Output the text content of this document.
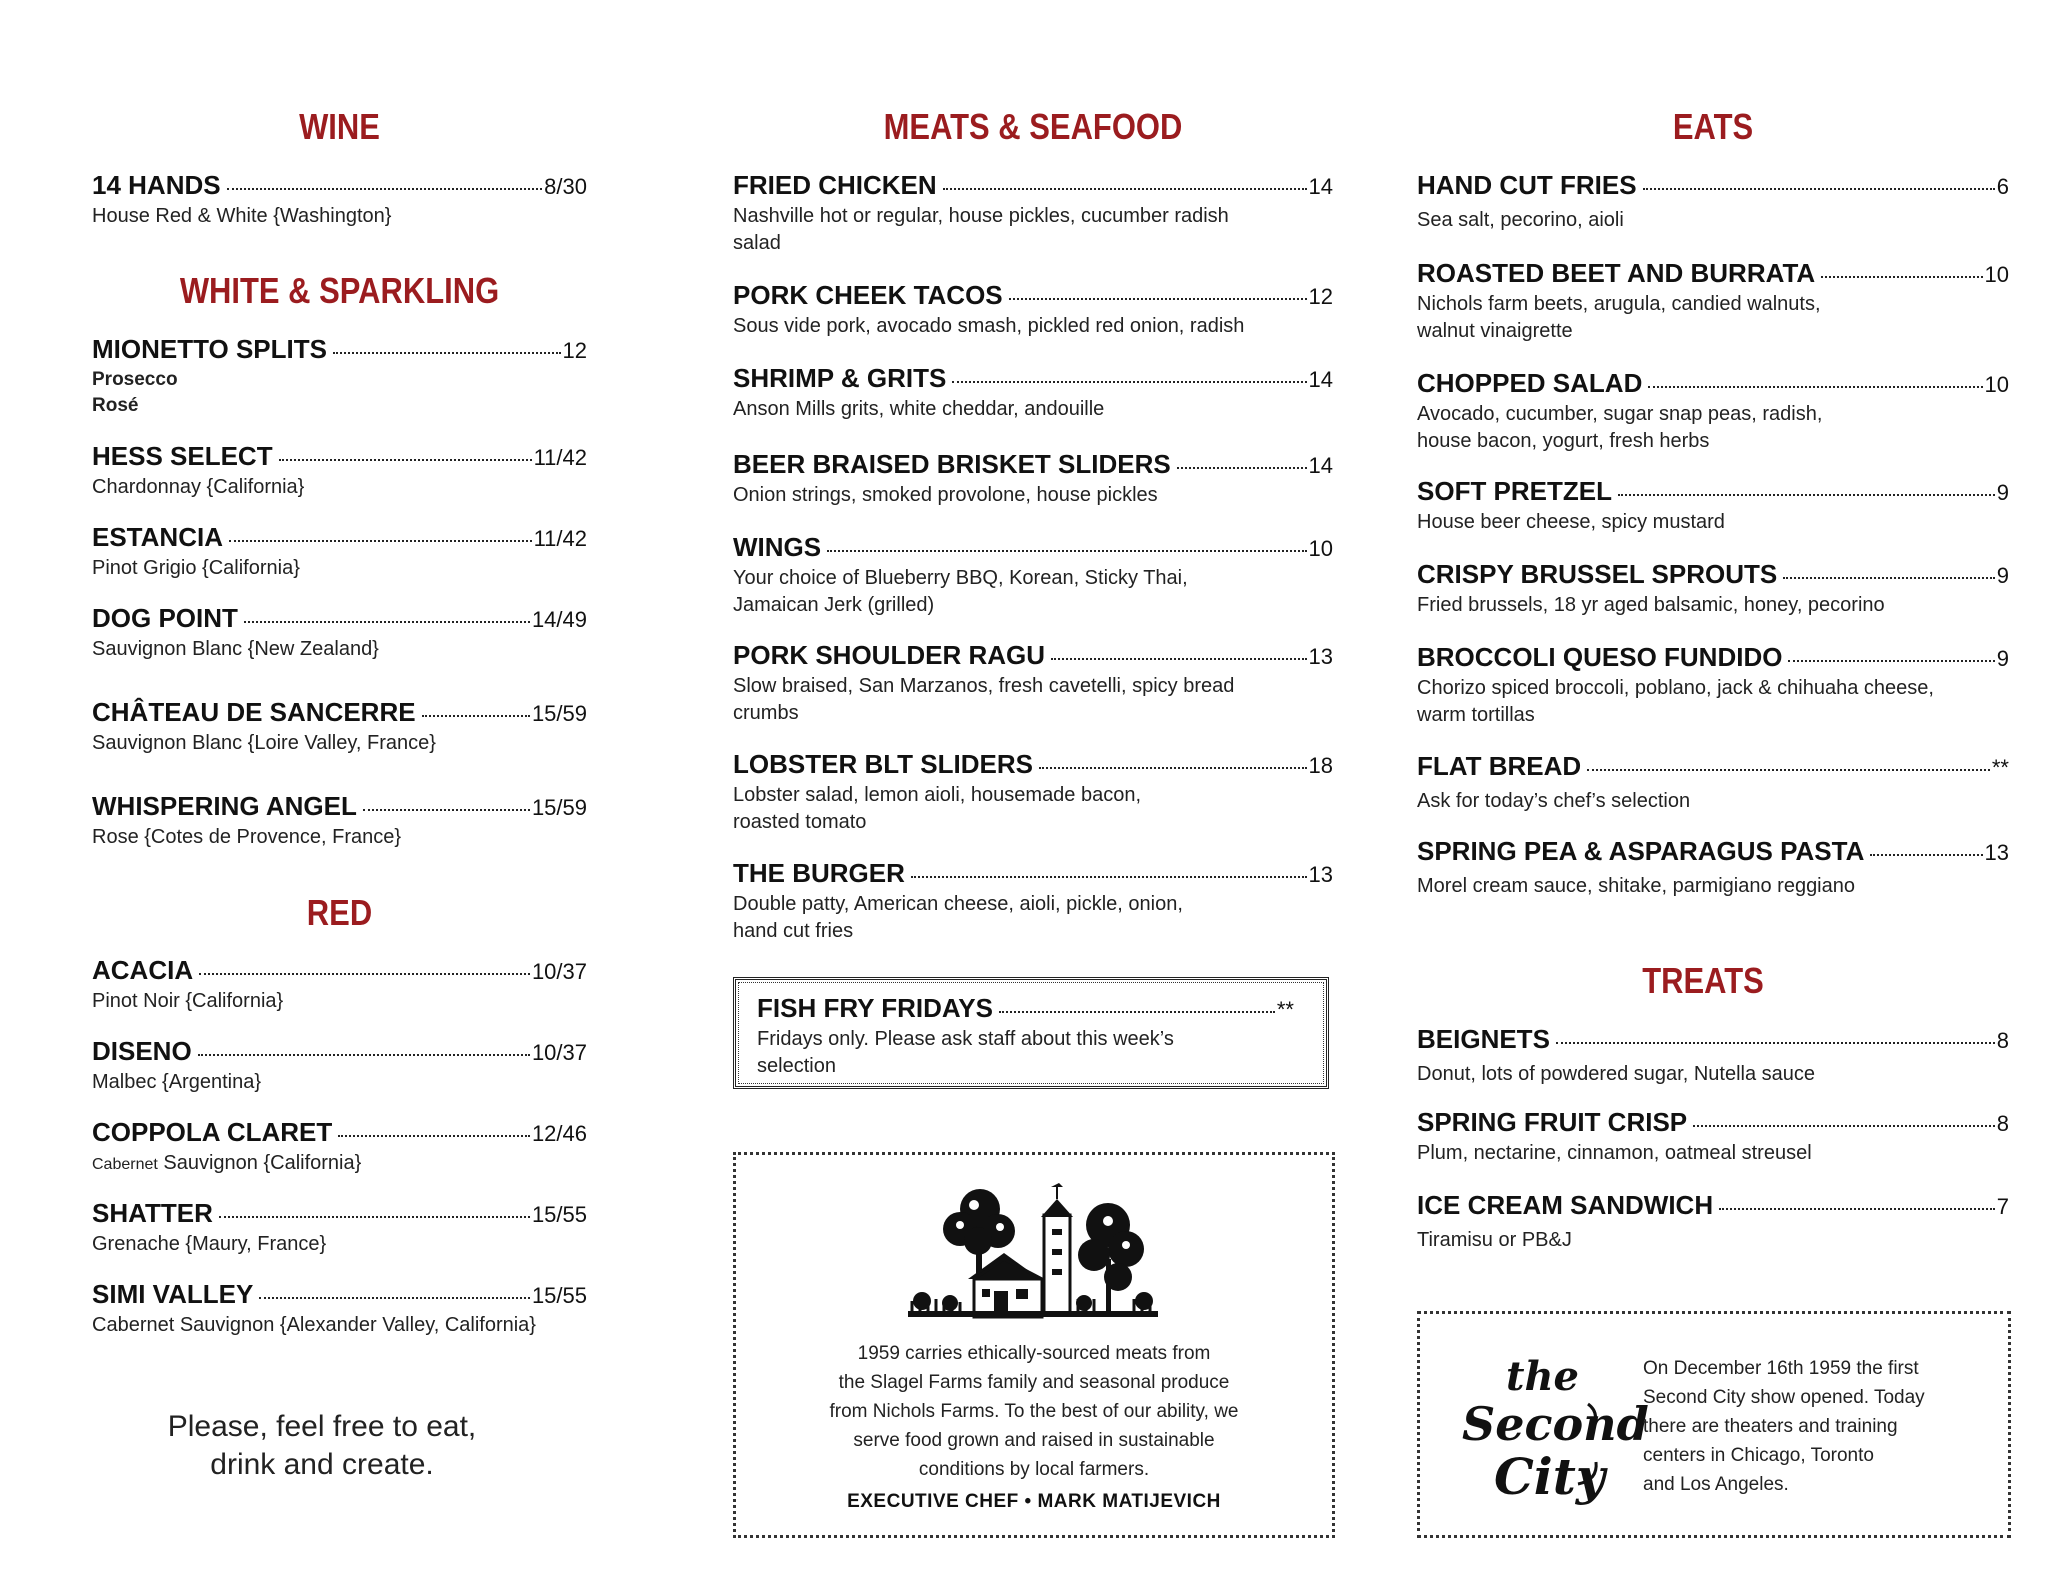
WINE
14 HANDS	8/30
House Red & White {Washington}
WHITE & SPARKLING
MIONETTO SPLITS	12
Prosecco
Rosé
HESS SELECT	11/42
Chardonnay {California}
ESTANCIA	11/42
Pinot Grigio {California}
DOG POINT	14/49
Sauvignon Blanc {New Zealand}
CHÂTEAU DE SANCERRE	15/59
Sauvignon Blanc {Loire Valley, France}
WHISPERING ANGEL	15/59
Rose {Cotes de Provence, France}
RED
ACACIA	10/37
Pinot Noir {California}
DISENO	10/37
Malbec {Argentina}
COPPOLA CLARET	12/46
Cabernet Sauvignon {California}
SHATTER	15/55
Grenache {Maury, France}
SIMI VALLEY	15/55
Cabernet Sauvignon {Alexander Valley, California}
Please, feel free to eat,
drink and create.
MEATS & SEAFOOD
FRIED CHICKEN	14
Nashville hot or regular, house pickles, cucumber radish
salad
PORK CHEEK TACOS	12
Sous vide pork, avocado smash, pickled red onion, radish
SHRIMP & GRITS	14
Anson Mills grits, white cheddar, andouille
BEER BRAISED BRISKET SLIDERS	14
Onion strings, smoked provolone, house pickles
WINGS	10
Your choice of Blueberry BBQ, Korean, Sticky Thai,
Jamaican Jerk (grilled)
PORK SHOULDER RAGU	13
Slow braised, San Marzanos, fresh cavetelli, spicy bread
crumbs
LOBSTER BLT SLIDERS	18
Lobster salad, lemon aioli, housemade bacon,
roasted tomato
THE BURGER	13
Double patty, American cheese, aioli, pickle, onion,
hand cut fries
FISH FRY FRIDAYS	**
Fridays only. Please ask staff about this week’s
selection
1959 carries ethically-sourced meats from
the Slagel Farms family and seasonal produce
from Nichols Farms. To the best of our ability, we
serve food grown and raised in sustainable
conditions by local farmers.
EXECUTIVE CHEF • MARK MATIJEVICH
EATS
HAND CUT FRIES	6
Sea salt, pecorino, aioli
ROASTED BEET AND BURRATA	10
Nichols farm beets, arugula, candied walnuts,
walnut vinaigrette
CHOPPED SALAD	10
Avocado, cucumber, sugar snap peas, radish,
house bacon, yogurt, fresh herbs
SOFT PRETZEL	9
House beer cheese, spicy mustard
CRISPY BRUSSEL SPROUTS	9
Fried brussels, 18 yr aged balsamic, honey, pecorino
BROCCOLI QUESO FUNDIDO	9
Chorizo spiced broccoli, poblano, jack & chihuaha cheese,
warm tortillas
FLAT BREAD	**
Ask for today’s chef’s selection
SPRING PEA & ASPARAGUS PASTA	13
Morel cream sauce, shitake, parmigiano reggiano
TREATS
BEIGNETS	8
Donut, lots of powdered sugar, Nutella sauce
SPRING FRUIT CRISP	8
Plum, nectarine, cinnamon, oatmeal streusel
ICE CREAM SANDWICH	7
Tiramisu or PB&J
the
Second
City
On December 16th 1959 the first
Second City show opened. Today
there are theaters and training
centers in Chicago, Toronto
and Los Angeles.
